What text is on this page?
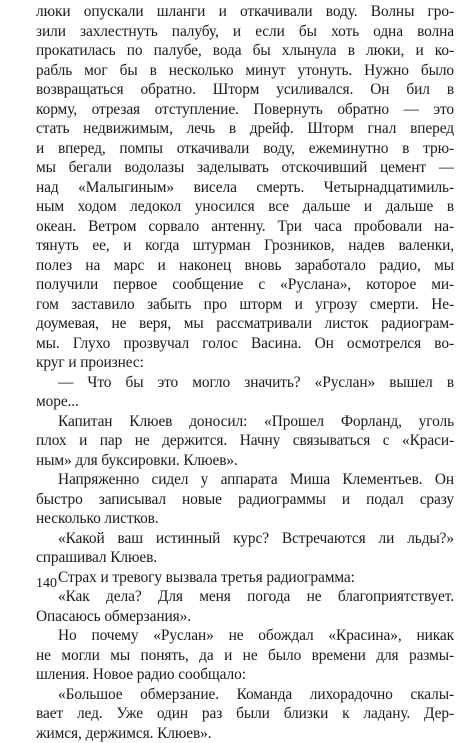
люки опускали шланги и откачивали воду. Волны гро-
зили захлестнуть палубу, и если бы хоть одна волна
прокатилась по палубе, вода бы хлынула в люки, и ко-
рабль мог бы в несколько минут утонуть. Нужно было
возвращаться обратно. Шторм усиливался. Он бил в
корму, отрезая отступление. Повернуть обратно — это
стать недвижимым, лечь в дрейф. Шторм гнал вперед
и вперед, помпы откачивали воду, ежеминутно в трю-
мы бегали водолазы заделывать отскочивший цемент —
над «Малыгиным» висела смерть. Четырнадцатимиль-
ным ходом ледокол уносился все дальше и дальше в
океан. Ветром сорвало антенну. Три часа пробовали на-
тянуть ее, и когда штурман Грозников, надев валенки,
полез на марс и наконец вновь заработало радио, мы
получили первое сообщение с «Руслана», которое ми-
гом заставило забыть про шторм и угрозу смерти. Не-
доумевая, не веря, мы рассматривали листок радиограм-
мы. Глухо прозвучал голос Васина. Он осмотрелся во-
круг и произнес:
— Что бы это могло значить? «Руслан» вышел в
море...
Капитан Клюев доносил: «Прошел Форланд, уголь
плох и пар не держится. Начну связываться с «Краси-
ным» для буксировки. Клюев».
Напряженно сидел у аппарата Миша Клементьев. Он
быстро записывал новые радиограммы и подал сразу
несколько листков.
«Какой ваш истинный курс? Встречаются ли льды?»
спрашивал Клюев.
Страх и тревогу вызвала третья радиограмма:
«Как дела? Для меня погода не благоприятствует.
Опасаюсь обмерзания».
Но почему «Руслан» не обождал «Красина», никак
не могли мы понять, да и не было времени для размы-
шления. Новое радио сообщало:
«Большое обмерзание. Команда лихорадочно скалы-
вает лед. Уже один раз были близки к ладану. Дер-
жимся, держимся. Клюев».
140
